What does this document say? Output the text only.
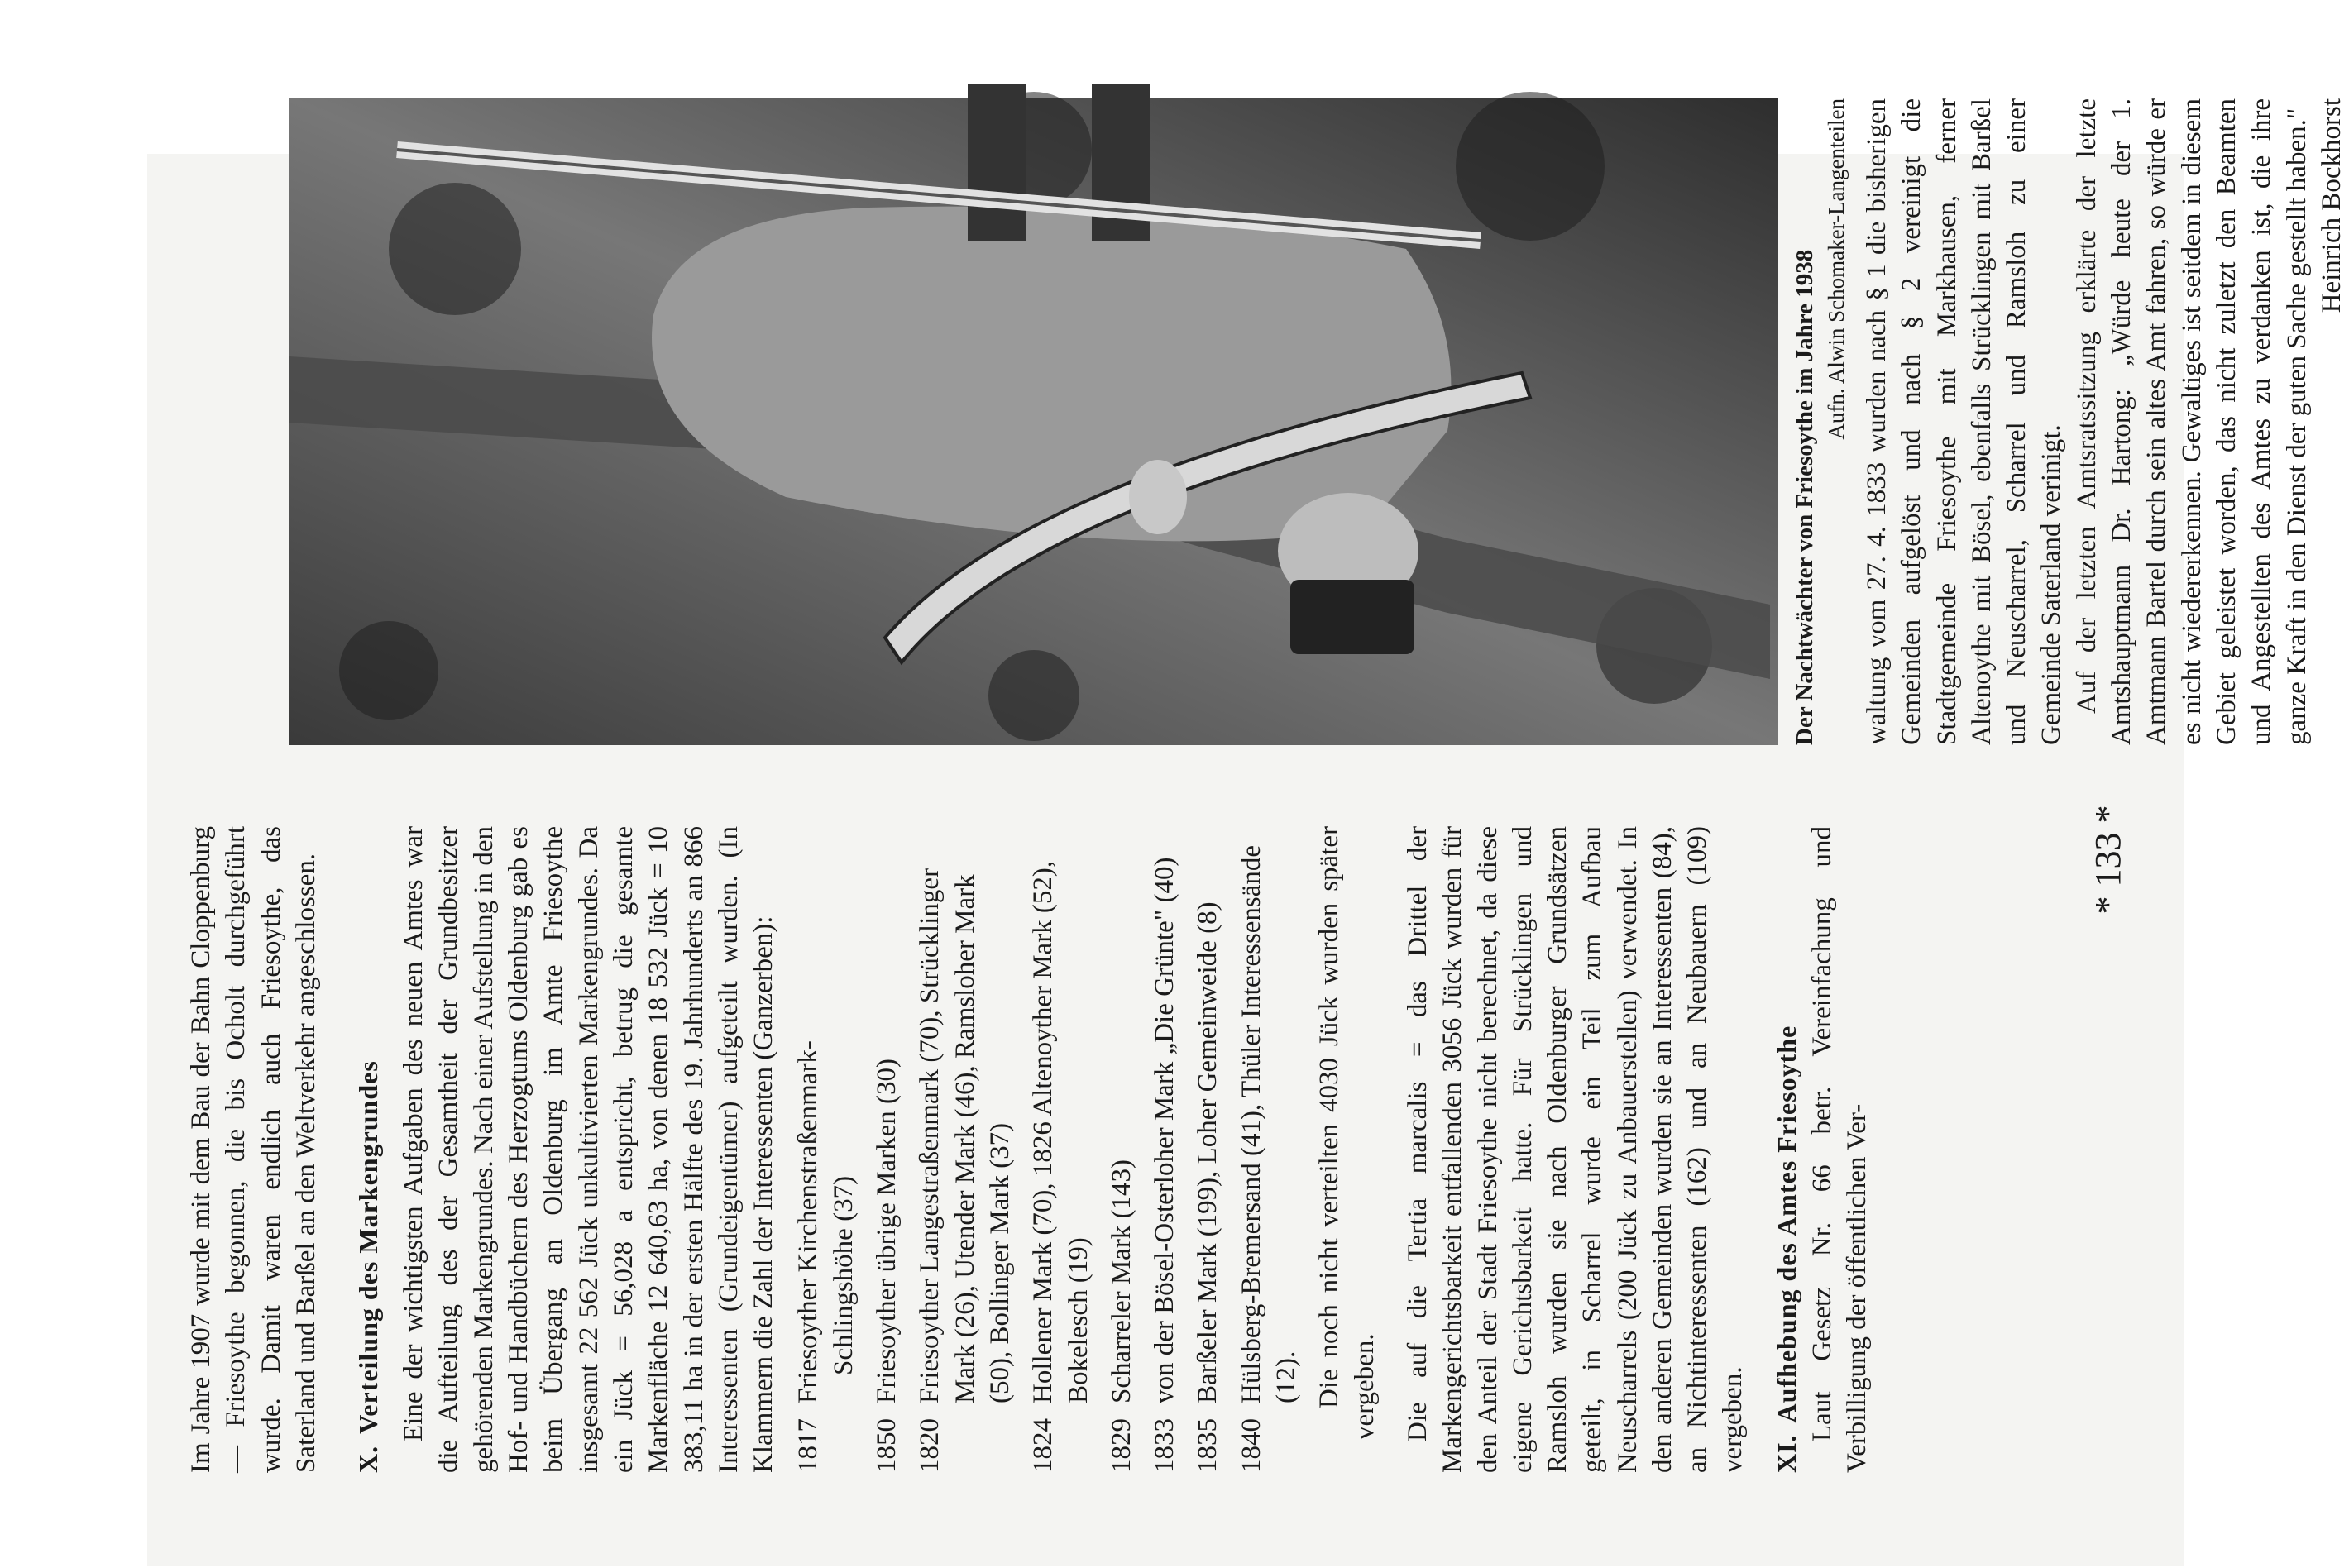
Im Jahre 1907 wurde mit dem Bau der Bahn Cloppenburg — Friesoythe begonnen, die bis Ocholt durchgeführt wurde. Damit waren endlich auch Friesoythe, das Saterland und Barßel an den Weltverkehr angeschlossen. X.Verteilung des Markengrundes Eine der wichtigsten Aufgaben des neuen Amtes war die Aufteilung des der Gesamtheit der Grundbesitzer gehörenden Markengrundes. Nach einer Aufstellung in den Hof- und Handbüchern des Herzogtums Oldenburg gab es beim Übergang an Oldenburg im Amte Friesoythe insgesamt 22 562 Jück unkultivierten Markengrundes. Da ein Jück = 56,028 a entspricht, betrug die gesamte Markenfläche 12 640,63 ha, von denen 18 532 Jück = 10 383,11 ha in der ersten Hälfte des 19. Jahrhunderts an 866 Interessenten (Grundeigentümer) aufgeteilt wurden. (In Klammern die Zahl der Interessenten (Ganzerben): 1817
Friesoyther Kirchenstraßenmark- Schlingshöhe (37)
1850
Friesoyther übrige Marken (30)
1820
Friesoyther Langestraßenmark (70), Strücklinger Mark (26), Utender Mark (46), Ramsloher Mark (50), Bollinger Mark (37)
1824
Hollener Mark (70), 1826 Altenoyther Mark (52), Bokelesch (19)
1829
Scharreler Mark (143)
1833
von der Bösel-Osterloher Mark „Die Grünte" (40)
1835
Barßeler Mark (199), Loher Gemeinweide (8)
1840
Hülsberg-Bremersand (41), Thüler Interessensände (12). Die noch nicht verteilten 4030 Jück wurden später vergeben. Die auf die Tertia marcalis = das Drittel der Markengerichtsbarkeit entfallenden 3056 Jück wurden für den Anteil der Stadt Friesoythe nicht berechnet, da diese eigene Gerichtsbarkeit hatte. Für Strücklingen und Ramsloh wurden sie nach Oldenburger Grundsätzen geteilt, in Scharrel wurde ein Teil zum Aufbau Neuscharrels (200 Jück zu Anbauerstellen) verwendet. In den anderen Gemeinden wurden sie an Interessenten (84), an Nichtinteressenten (162) und an Neubauern (109) vergeben. XI.Aufhebung des Amtes Friesoythe Laut Gesetz Nr. 66 betr. Vereinfachung und Verbilligung der öffentlichen Ver-

Der Nachtwächter von Friesoythe im Jahre 1938 Aufn. Alwin Schomaker-Langenteilen waltung vom 27. 4. 1833 wurden nach § 1 die bisherigen Gemeinden aufgelöst und nach § 2 vereinigt die Stadtgemeinde Friesoythe mit Markhausen, ferner Altenoythe mit Bösel, ebenfalls Strücklingen mit Barßel und Neuscharrel, Scharrel und Ramsloh zu einer Gemeinde Saterland verinigt. Auf der letzten Amtsratssitzung erklärte der letzte Amtshauptmann Dr. Hartong: „Würde heute der 1. Amtmann Bartel durch sein altes Amt fahren, so würde er es nicht wiedererkennen. Gewaltiges ist seitdem in diesem Gebiet geleistet worden, das nicht zuletzt den Beamten und Angestellten des Amtes zu verdanken ist, die ihre ganze Kraft in den Dienst der guten Sache gestellt haben." Heinrich Bockhorst

* 133 *
